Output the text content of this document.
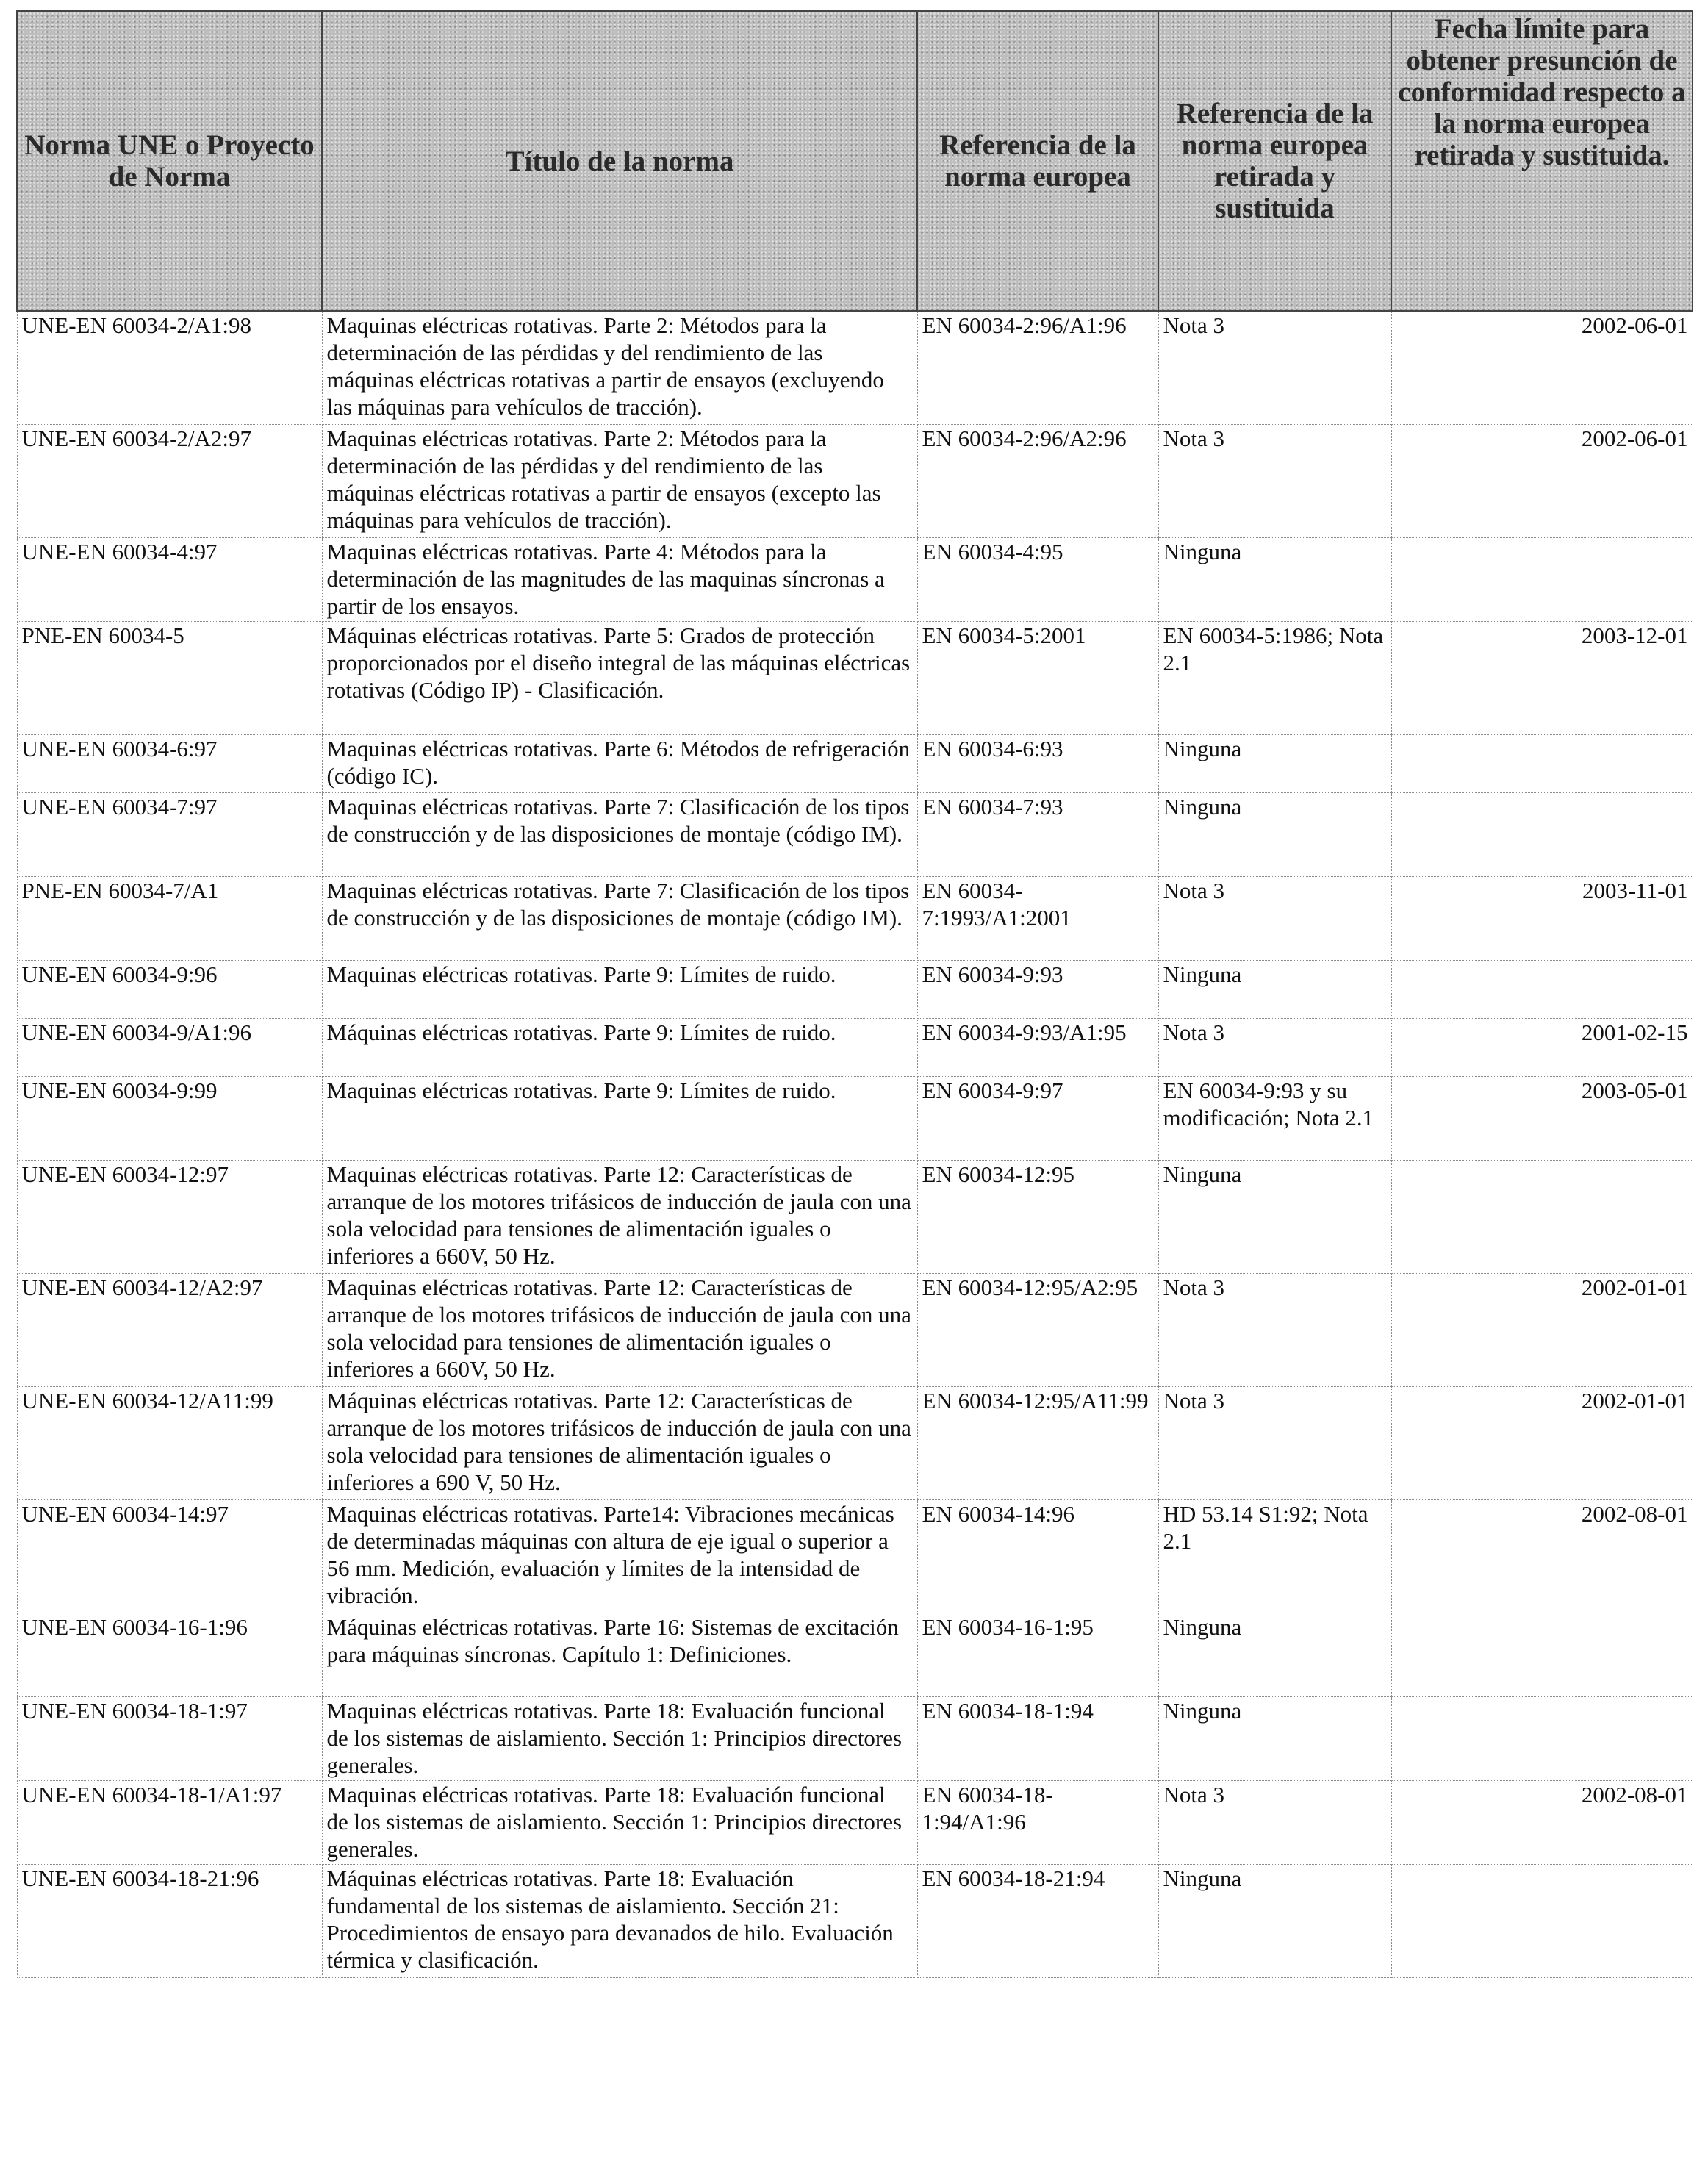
Norma UNE o Proyecto de Norma	Título de la norma	Referencia de la norma europea	Referencia de la norma europea retirada y sustituida	Fecha límite para obtener presunción de conformidad respecto a la norma europea retirada y sustituida.
UNE-EN 60034-2/A1:98	Maquinas eléctricas rotativas. Parte 2: Métodos para la determinación de las pérdidas y del rendimiento de las máquinas eléctricas rotativas a partir de ensayos (excluyendo las máquinas para vehículos de tracción).	EN 60034-2:96/A1:96	Nota 3	2002-06-01
UNE-EN 60034-2/A2:97	Maquinas eléctricas rotativas. Parte 2: Métodos para la determinación de las pérdidas y del rendimiento de las máquinas eléctricas rotativas a partir de ensayos (excepto las máquinas para vehículos de tracción).	EN 60034-2:96/A2:96	Nota 3	2002-06-01
UNE-EN 60034-4:97	Maquinas eléctricas rotativas. Parte 4: Métodos para la determinación de las magnitudes de las maquinas síncronas a partir de los ensayos.	EN 60034-4:95	Ninguna	
PNE-EN 60034-5	Máquinas eléctricas rotativas. Parte 5: Grados de protección proporcionados por el diseño integral de las máquinas eléctricas rotativas (Código IP) - Clasificación.	EN 60034-5:2001	EN 60034-5:1986; Nota 2.1	2003-12-01
UNE-EN 60034-6:97	Maquinas eléctricas rotativas. Parte 6: Métodos de refrigeración (código IC).	EN 60034-6:93	Ninguna	
UNE-EN 60034-7:97	Maquinas eléctricas rotativas. Parte 7: Clasificación de los tipos de construcción y de las disposiciones de montaje (código IM).	EN 60034-7:93	Ninguna	
PNE-EN 60034-7/A1	Maquinas eléctricas rotativas. Parte 7: Clasificación de los tipos de construcción y de las disposiciones de montaje (código IM).	EN 60034-7:1993/A1:2001	Nota 3	2003-11-01
UNE-EN 60034-9:96	Maquinas eléctricas rotativas. Parte 9: Límites de ruido.	EN 60034-9:93	Ninguna	
UNE-EN 60034-9/A1:96	Máquinas eléctricas rotativas. Parte 9: Límites de ruido.	EN 60034-9:93/A1:95	Nota 3	2001-02-15
UNE-EN 60034-9:99	Maquinas eléctricas rotativas. Parte 9: Límites de ruido.	EN 60034-9:97	EN 60034-9:93 y su modificación; Nota 2.1	2003-05-01
UNE-EN 60034-12:97	Maquinas eléctricas rotativas. Parte 12: Características de arranque de los motores trifásicos de inducción de jaula con una sola velocidad para tensiones de alimentación iguales o inferiores a 660V, 50 Hz.	EN 60034-12:95	Ninguna	
UNE-EN 60034-12/A2:97	Maquinas eléctricas rotativas. Parte 12: Características de arranque de los motores trifásicos de inducción de jaula con una sola velocidad para tensiones de alimentación iguales o inferiores a 660V, 50 Hz.	EN 60034-12:95/A2:95	Nota 3	2002-01-01
UNE-EN 60034-12/A11:99	Máquinas eléctricas rotativas. Parte 12: Características de arranque de los motores trifásicos de inducción de jaula con una sola velocidad para tensiones de alimentación iguales o inferiores a 690 V, 50 Hz.	EN 60034-12:95/A11:99	Nota 3	2002-01-01
UNE-EN 60034-14:97	Maquinas eléctricas rotativas. Parte14: Vibraciones mecánicas de determinadas máquinas con altura de eje igual o superior a 56 mm. Medición, evaluación y límites de la intensidad de vibración.	EN 60034-14:96	HD 53.14 S1:92; Nota 2.1	2002-08-01
UNE-EN 60034-16-1:96	Máquinas eléctricas rotativas. Parte 16: Sistemas de excitación para máquinas síncronas. Capítulo 1: Definiciones.	EN 60034-16-1:95	Ninguna	
UNE-EN 60034-18-1:97	Maquinas eléctricas rotativas. Parte 18: Evaluación funcional de los sistemas de aislamiento. Sección 1: Principios directores generales.	EN 60034-18-1:94	Ninguna	
UNE-EN 60034-18-1/A1:97	Maquinas eléctricas rotativas. Parte 18: Evaluación funcional de los sistemas de aislamiento. Sección 1: Principios directores generales.	EN 60034-18-1:94/A1:96	Nota 3	2002-08-01
UNE-EN 60034-18-21:96	Máquinas eléctricas rotativas. Parte 18: Evaluación fundamental de los sistemas de aislamiento. Sección 21: Procedimientos de ensayo para devanados de hilo. Evaluación térmica y clasificación.	EN 60034-18-21:94	Ninguna	
